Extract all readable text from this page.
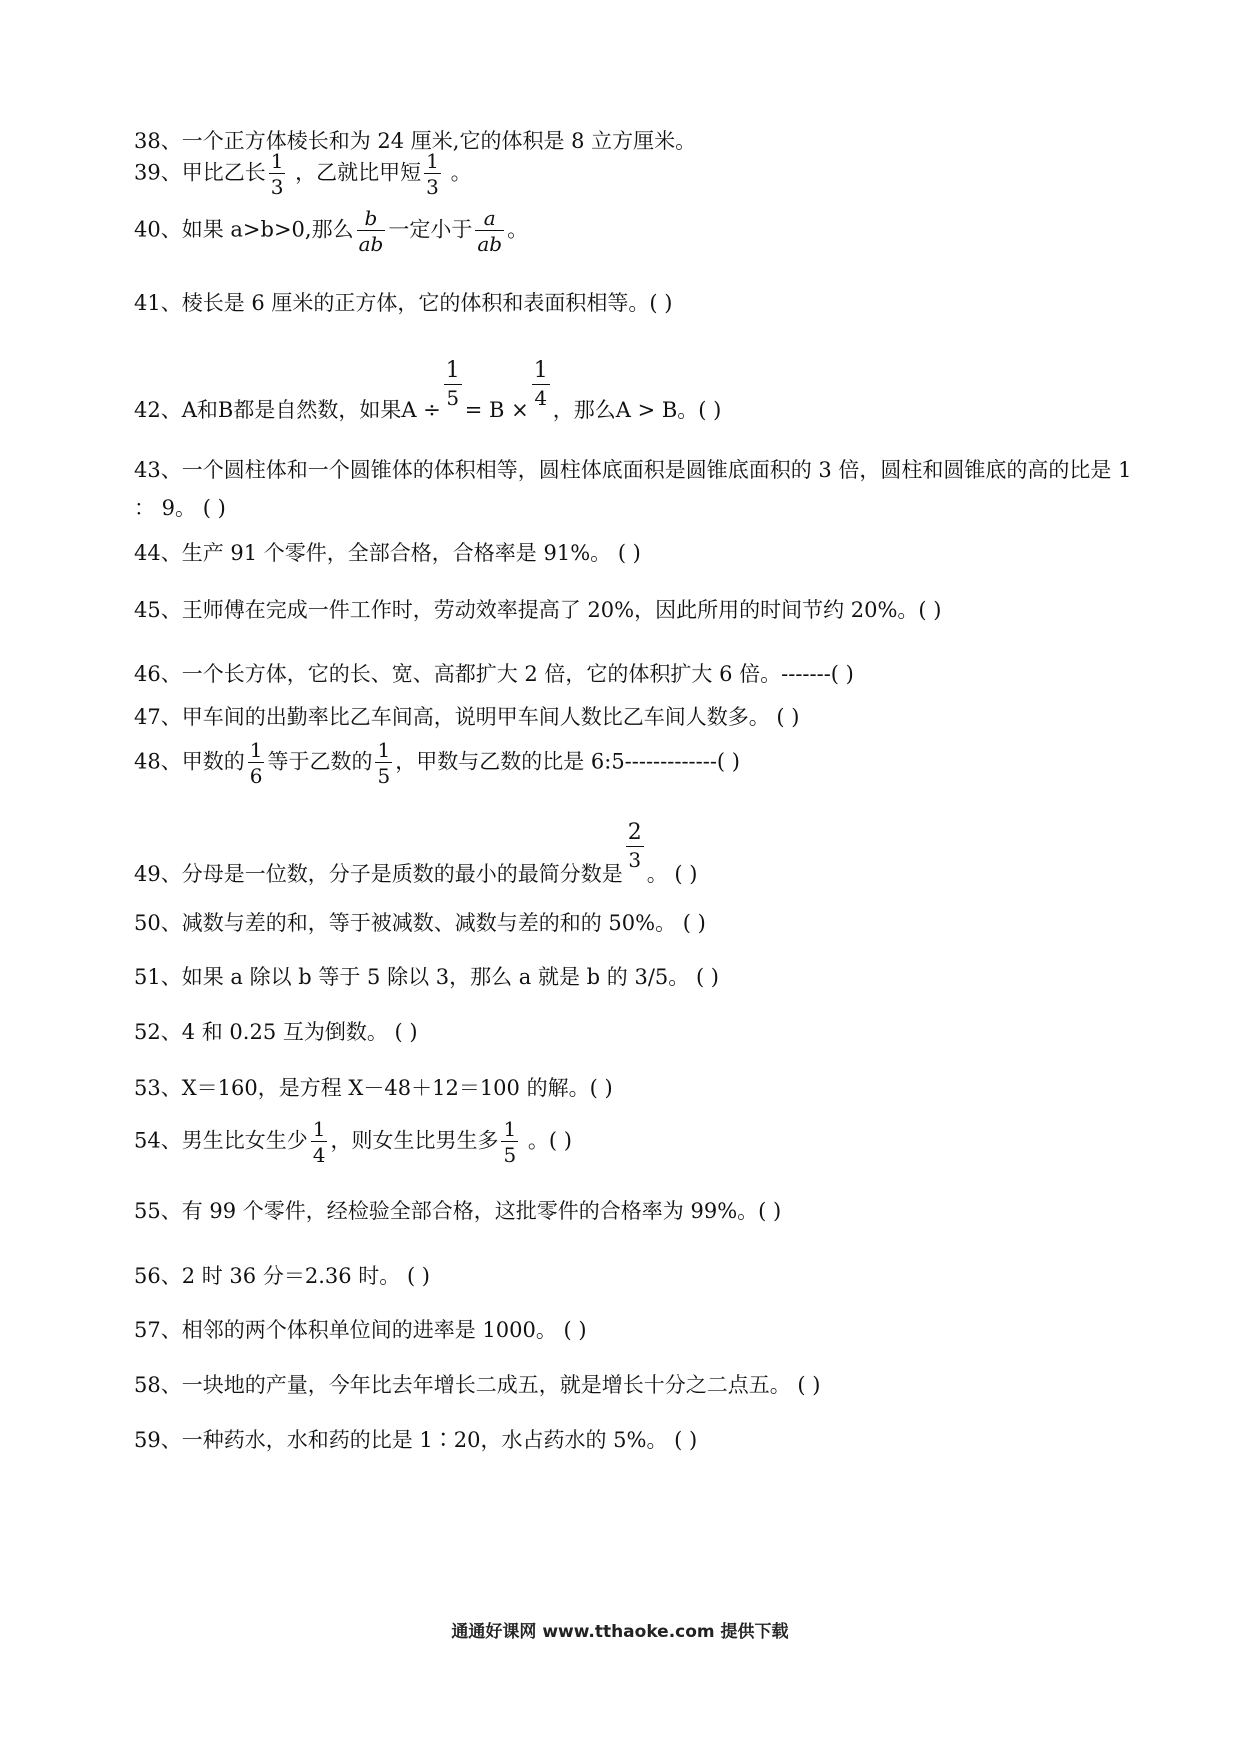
38、一个正方体棱长和为 24 厘米,它的体积是 8 立方厘米。
39、甲比乙长 $\frac{1}{3}$ ，乙就比甲短 $\frac{1}{3}$ 。
40、如果 a>b>0,那么 $\frac{b}{ab}$ 一定小于 $\frac{a}{ab}$ 。
41、棱长是 6 厘米的正方体，它的体积和表面积相等。( )
42、A和B都是自然数，如果A ÷
$\frac{1}{5}$
= B ×
$\frac{1}{4}$
，那么A > B。( )
43、一个圆柱体和一个圆锥体的体积相等，圆柱体底面积是圆锥底面积的 3 倍，圆柱和圆锥底的高的比是 1 ： 9。 ( )
44、生产 91 个零件，全部合格，合格率是 91%。 ( )
45、王师傅在完成一件工作时，劳动效率提高了 20%，因此所用的时间节约 20%。( )
46、一个长方体，它的长、宽、高都扩大 2 倍，它的体积扩大 6 倍。-------( )
47、甲车间的出勤率比乙车间高，说明甲车间人数比乙车间人数多。 ( )
48、甲数的 $\frac{1}{6}$ 等于乙数的 $\frac{1}{5}$ ，甲数与乙数的比是 6:5-------------( )
49、分母是一位数，分子是质数的最小的最简分数是
$\frac{2}{3}$
。 ( )
50、减数与差的和，等于被减数、减数与差的和的 50%。 ( )
51、如果 a 除以 b 等于 5 除以 3，那么 a 就是 b 的 3/5。 ( )
52、4 和 0.25 互为倒数。 ( )
53、X＝160，是方程 X－48＋12＝100 的解。( )
54、男生比女生少 $\frac{1}{4}$ ，则女生比男生多 $\frac{1}{5}$ 。( )
55、有 99 个零件，经检验全部合格，这批零件的合格率为 99%。( )
56、2 时 36 分＝2.36 时。 ( )
57、相邻的两个体积单位间的进率是 1000。 ( )
58、一块地的产量，今年比去年增长二成五，就是增长十分之二点五。 ( )
59、一种药水，水和药的比是 1∶20，水占药水的 5%。 ( )
通通好课网 www.tthaoke.com 提供下载
